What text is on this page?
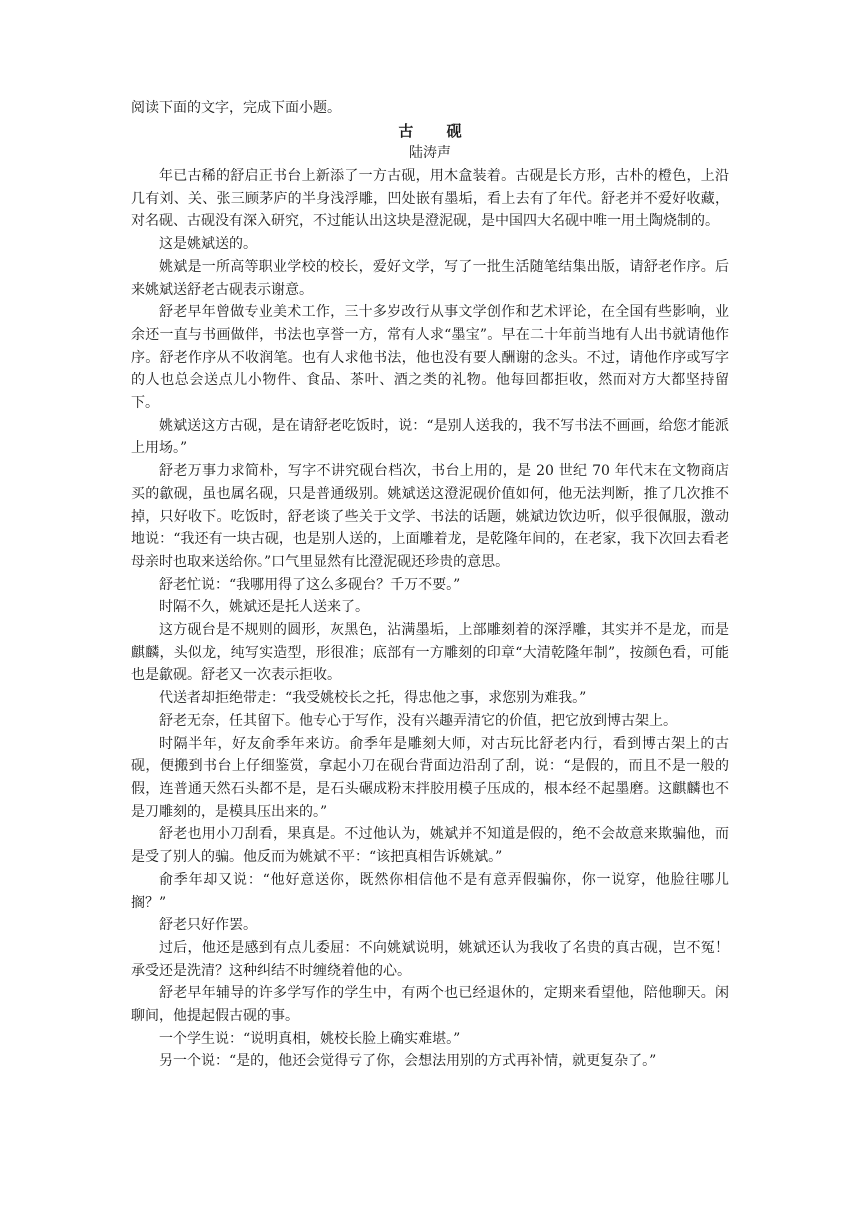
阅读下面的文字，完成下面小题。

古 砚

陆涛声

年已古稀的舒启正书台上新添了一方古砚，用木盒装着。古砚是长方形，古朴的橙色，上沿几有刘、关、张三顾茅庐的半身浅浮雕，凹处嵌有墨垢，看上去有了年代。舒老并不爱好收藏，对名砚、古砚没有深入研究，不过能认出这块是澄泥砚，是中国四大名砚中唯一用土陶烧制的。

这是姚斌送的。

姚斌是一所高等职业学校的校长，爱好文学，写了一批生活随笔结集出版，请舒老作序。后来姚斌送舒老古砚表示谢意。

舒老早年曾做专业美术工作，三十多岁改行从事文学创作和艺术评论，在全国有些影响，业余还一直与书画做伴，书法也享誉一方，常有人求“墨宝”。早在二十年前当地有人出书就请他作序。舒老作序从不收润笔。也有人求他书法，他也没有要人酬谢的念头。不过，请他作序或写字的人也总会送点儿小物件、食品、茶叶、酒之类的礼物。他每回都拒收，然而对方大都坚持留下。

姚斌送这方古砚，是在请舒老吃饭时，说：“是别人送我的，我不写书法不画画，给您才能派上用场。”

舒老万事力求简朴，写字不讲究砚台档次，书台上用的，是 20 世纪 70 年代末在文物商店买的歙砚，虽也属名砚，只是普通级别。姚斌送这澄泥砚价值如何，他无法判断，推了几次推不掉，只好收下。吃饭时，舒老谈了些关于文学、书法的话题，姚斌边饮边听，似乎很佩服，激动地说：“我还有一块古砚，也是别人送的，上面雕着龙，是乾隆年间的，在老家，我下次回去看老母亲时也取来送给你。”口气里显然有比澄泥砚还珍贵的意思。

舒老忙说：“我哪用得了这么多砚台？千万不要。”

时隔不久，姚斌还是托人送来了。

这方砚台是不规则的圆形，灰黑色，沾满墨垢，上部雕刻着的深浮雕，其实并不是龙，而是麒麟，头似龙，纯写实造型，形很准；底部有一方雕刻的印章“大清乾隆年制”，按颜色看，可能也是歙砚。舒老又一次表示拒收。

代送者却拒绝带走：“我受姚校长之托，得忠他之事，求您别为难我。”

舒老无奈，任其留下。他专心于写作，没有兴趣弄清它的价值，把它放到博古架上。

时隔半年，好友俞季年来访。俞季年是雕刻大师，对古玩比舒老内行，看到博古架上的古砚，便搬到书台上仔细鉴赏，拿起小刀在砚台背面边沿刮了刮，说：“是假的，而且不是一般的假，连普通天然石头都不是，是石头碾成粉末拌胶用模子压成的，根本经不起墨磨。这麒麟也不是刀雕刻的，是模具压出来的。”

舒老也用小刀刮看，果真是。不过他认为，姚斌并不知道是假的，绝不会故意来欺骗他，而是受了别人的骗。他反而为姚斌不平：“该把真相告诉姚斌。”

俞季年却又说：“他好意送你，既然你相信他不是有意弄假骗你，你一说穿，他脸往哪儿搁？”

舒老只好作罢。

过后，他还是感到有点儿委屈：不向姚斌说明，姚斌还认为我收了名贵的真古砚，岂不冤！承受还是洗清？这种纠结不时缠绕着他的心。

舒老早年辅导的许多学写作的学生中，有两个也已经退休的，定期来看望他，陪他聊天。闲聊间，他提起假古砚的事。

一个学生说：“说明真相，姚校长脸上确实难堪。”

另一个说：“是的，他还会觉得亏了你，会想法用别的方式再补情，就更复杂了。”
